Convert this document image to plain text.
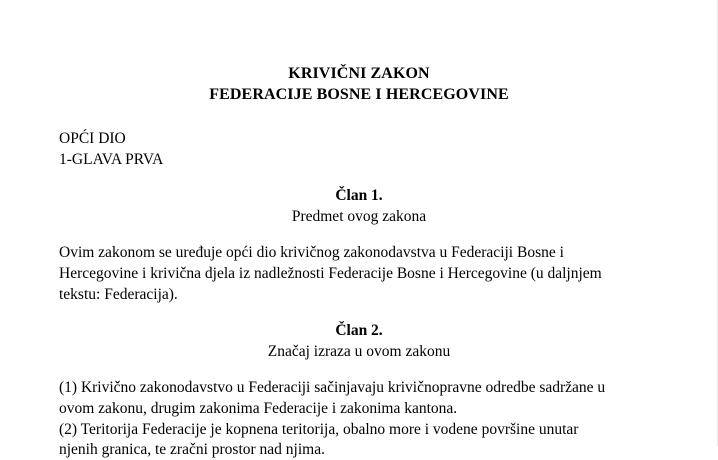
KRIVIČNI ZAKON
FEDERACIJE BOSNE I HERCEGOVINE
OPĆI DIO
1-GLAVA PRVA
Član 1.
Predmet ovog zakona
Ovim zakonom se uređuje opći dio krivičnog zakonodavstva u Federaciji Bosne i
Hercegovine i krivična djela iz nadležnosti Federacije Bosne i Hercegovine (u daljnjem
tekstu: Federacija).
Član 2.
Značaj izraza u ovom zakonu
(1) Krivično zakonodavstvo u Federaciji sačinjavaju krivičnopravne odredbe sadržane u
ovom zakonu, drugim zakonima Federacije i zakonima kantona.
(2) Teritorija Federacije je kopnena teritorija, obalno more i vodene površine unutar
njenih granica, te zračni prostor nad njima.
